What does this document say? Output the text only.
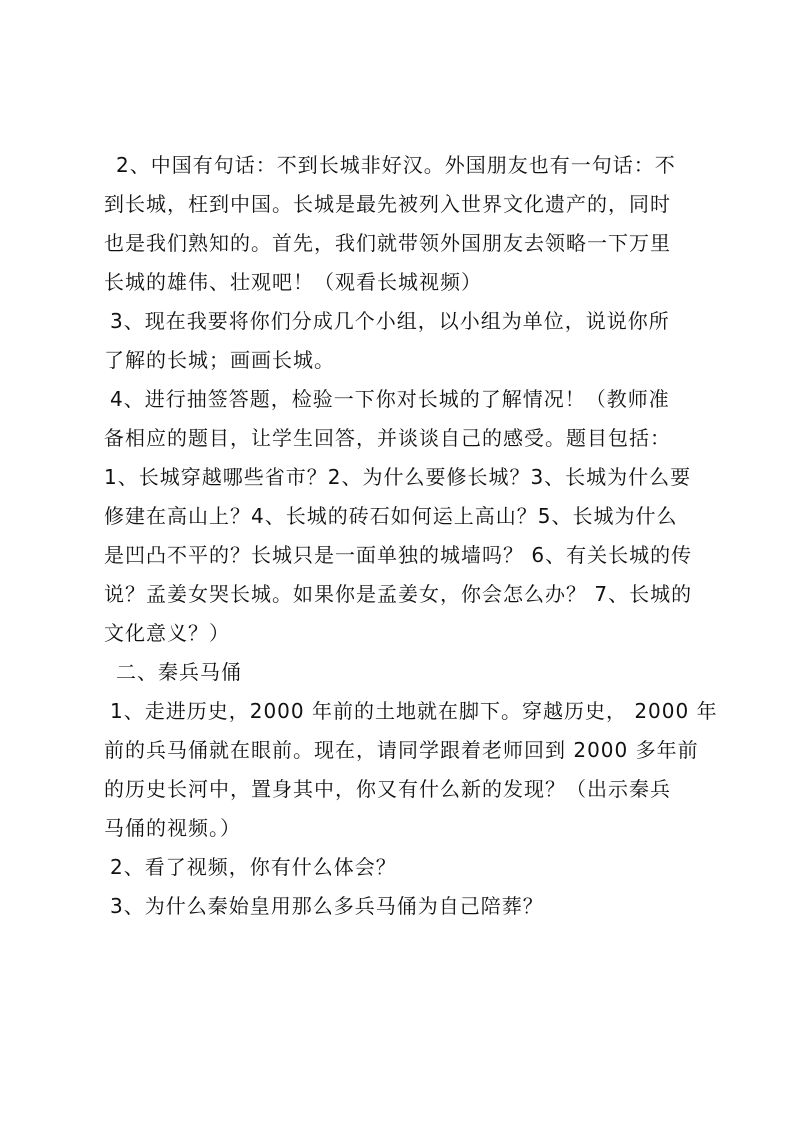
2、中国有句话：不到长城非好汉。外国朋友也有一句话：不
到长城，枉到中国。长城是最先被列入世界文化遗产的，同时
也是我们熟知的。首先，我们就带领外国朋友去领略一下万里
长城的雄伟、壮观吧！（观看长城视频）
3、现在我要将你们分成几个小组，以小组为单位，说说你所
了解的长城；画画长城。
4、进行抽签答题，检验一下你对长城的了解情况！（教师准
备相应的题目，让学生回答，并谈谈自己的感受。题目包括：
1、长城穿越哪些省市？2、为什么要修长城？3、长城为什么要
修建在高山上？4、长城的砖石如何运上高山？5、长城为什么
是凹凸不平的？长城只是一面单独的城墙吗？ 6、有关长城的传
说？孟姜女哭长城。如果你是孟姜女，你会怎么办？ 7、长城的
文化意义？）
二、秦兵马俑
1、走进历史，2000 年前的土地就在脚下。穿越历史， 2000 年
前的兵马俑就在眼前。现在，请同学跟着老师回到 2000 多年前
的历史长河中，置身其中，你又有什么新的发现？（出示秦兵
马俑的视频。）
2、看了视频，你有什么体会？
3、为什么秦始皇用那么多兵马俑为自己陪葬？
